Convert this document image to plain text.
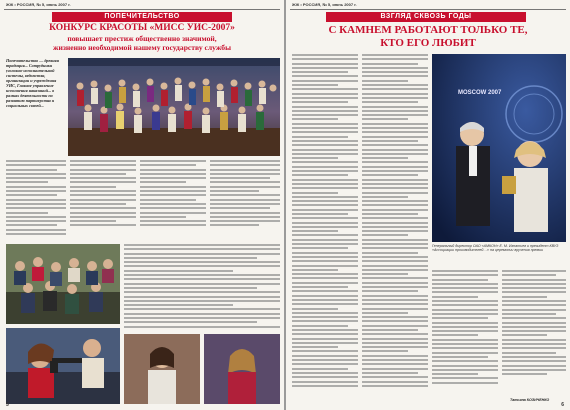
ЖЖ • РОССИЯ, № 5, июнь 2007 г.
ПОПЕЧИТЕЛЬСТВО
КОНКУРС КРАСОТЫ «МИСС УИС-2007»
повышает престиж общественно значимой,
жизненно необходимой нашему государству службы
Попечительство — древняя традиция... Сотрудники уголовно-исполнительной системы, ведомства, организации и учреждения УИС, Главное управление исполнения наказаний... в рамках деятельности по развитию партнерства и социальных связей...
5
ЖЖ • РОССИЯ, № 5, июнь 2007 г.
ВЗГЛЯД СКВОЗЬ ГОДЫ
С КАМНЕМ РАБОТАЮТ ТОЛЬКО ТЕ,
КТО ЕГО ЛЮБИТ
MOSCOW 2007
Генеральный директор ОАО «АМКОН» Е. М. Игнатьев и президент КВУЗ «Ассоциации производителей…» на церемонии вручения премии
Татьяна КОЗИЧЕНКО
6
